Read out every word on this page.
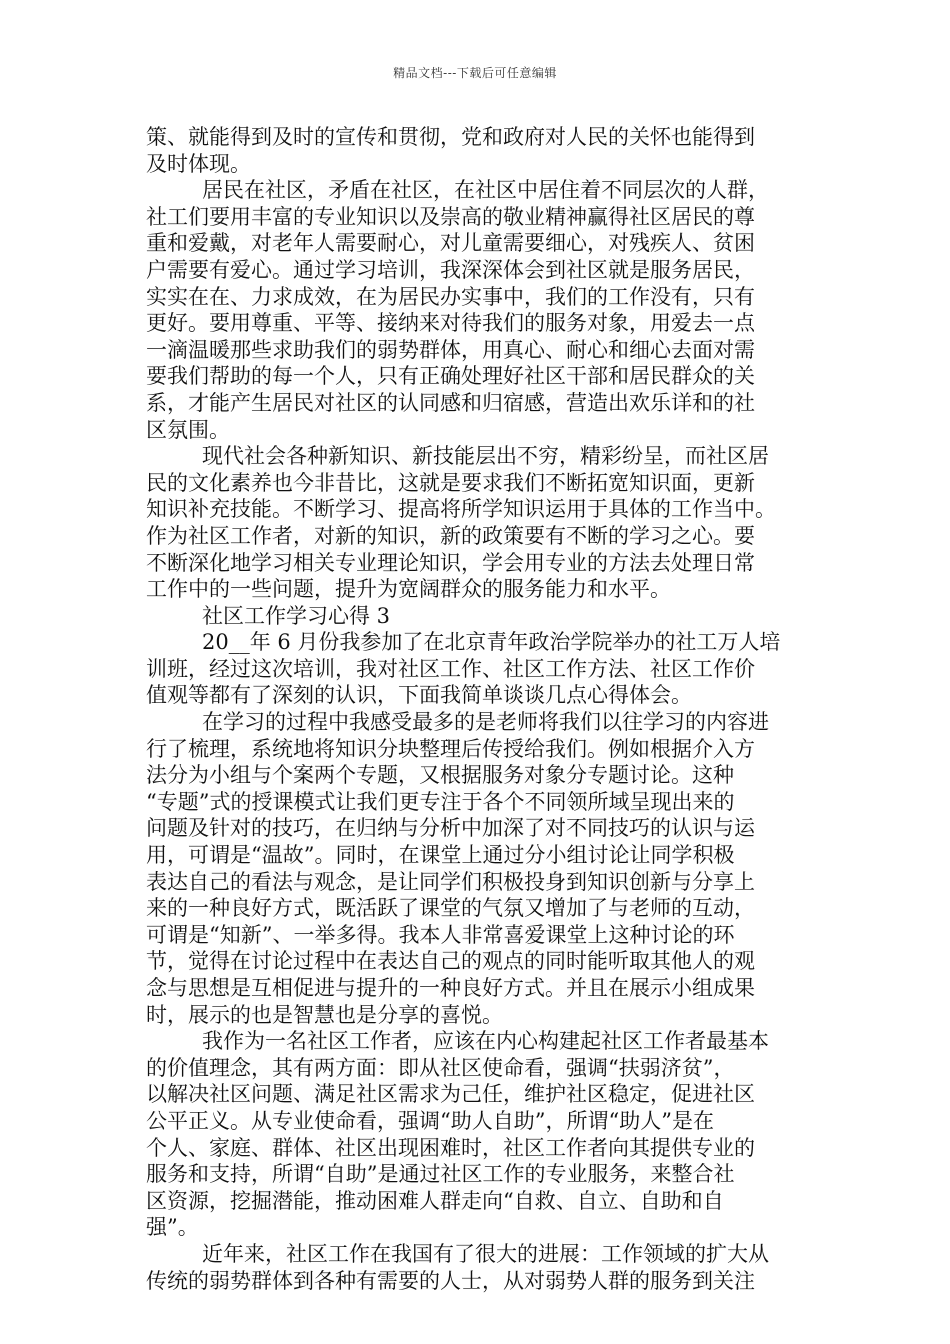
精品文档---下载后可任意编辑
策、就能得到及时的宣传和贯彻，党和政府对人民的关怀也能得到
及时体现。
居民在社区，矛盾在社区，在社区中居住着不同层次的人群，
社工们要用丰富的专业知识以及崇高的敬业精神赢得社区居民的尊
重和爱戴，对老年人需要耐心，对儿童需要细心，对残疾人、贫困
户需要有爱心。通过学习培训，我深深体会到社区就是服务居民，
实实在在、力求成效，在为居民办实事中，我们的工作没有，只有
更好。要用尊重、平等、接纳来对待我们的服务对象，用爱去一点
一滴温暖那些求助我们的弱势群体，用真心、耐心和细心去面对需
要我们帮助的每一个人，只有正确处理好社区干部和居民群众的关
系，才能产生居民对社区的认同感和归宿感，营造出欢乐详和的社
区氛围。
现代社会各种新知识、新技能层出不穷，精彩纷呈，而社区居
民的文化素养也今非昔比，这就是要求我们不断拓宽知识面，更新
知识补充技能。不断学习、提高将所学知识运用于具体的工作当中。
作为社区工作者，对新的知识，新的政策要有不断的学习之心。要
不断深化地学习相关专业理论知识，学会用专业的方法去处理日常
工作中的一些问题，提升为宽阔群众的服务能力和水平。
社区工作学习心得 3
20__年 6 月份我参加了在北京青年政治学院举办的社工万人培
训班，经过这次培训，我对社区工作、社区工作方法、社区工作价
值观等都有了深刻的认识，下面我简单谈谈几点心得体会。
在学习的过程中我感受最多的是老师将我们以往学习的内容进
行了梳理，系统地将知识分块整理后传授给我们。例如根据介入方
法分为小组与个案两个专题，又根据服务对象分专题讨论。这种
“专题”式的授课模式让我们更专注于各个不同领所域呈现出来的
问题及针对的技巧，在归纳与分析中加深了对不同技巧的认识与运
用，可谓是“温故”。同时，在课堂上通过分小组讨论让同学积极
表达自己的看法与观念，是让同学们积极投身到知识创新与分享上
来的一种良好方式，既活跃了课堂的气氛又增加了与老师的互动，
可谓是“知新”、一举多得。我本人非常喜爱课堂上这种讨论的环
节，觉得在讨论过程中在表达自己的观点的同时能听取其他人的观
念与思想是互相促进与提升的一种良好方式。并且在展示小组成果
时，展示的也是智慧也是分享的喜悦。
我作为一名社区工作者，应该在内心构建起社区工作者最基本
的价值理念，其有两方面：即从社区使命看，强调“扶弱济贫”，
以解决社区问题、满足社区需求为己任，维护社区稳定，促进社区
公平正义。从专业使命看，强调“助人自助”，所谓“助人”是在
个人、家庭、群体、社区出现困难时，社区工作者向其提供专业的
服务和支持，所谓“自助”是通过社区工作的专业服务，来整合社
区资源，挖掘潜能，推动困难人群走向“自救、自立、自助和自
强”。
近年来，社区工作在我国有了很大的进展：工作领域的扩大从
传统的弱势群体到各种有需要的人士，从对弱势人群的服务到关注
